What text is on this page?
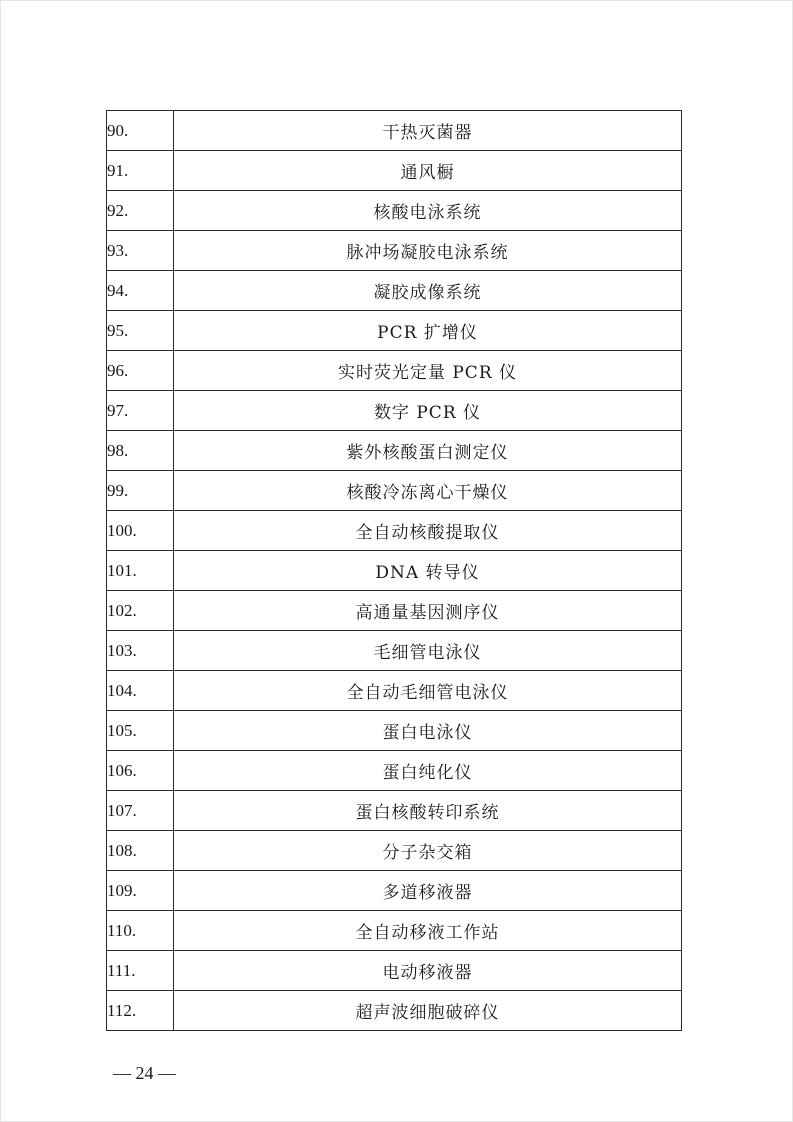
90.	干热灭菌器
91.	通风橱
92.	核酸电泳系统
93.	脉冲场凝胶电泳系统
94.	凝胶成像系统
95.	PCR 扩增仪
96.	实时荧光定量 PCR 仪
97.	数字 PCR 仪
98.	紫外核酸蛋白测定仪
99.	核酸冷冻离心干燥仪
100.	全自动核酸提取仪
101.	DNA 转导仪
102.	高通量基因测序仪
103.	毛细管电泳仪
104.	全自动毛细管电泳仪
105.	蛋白电泳仪
106.	蛋白纯化仪
107.	蛋白核酸转印系统
108.	分子杂交箱
109.	多道移液器
110.	全自动移液工作站
111.	电动移液器
112.	超声波细胞破碎仪
— 24 —
